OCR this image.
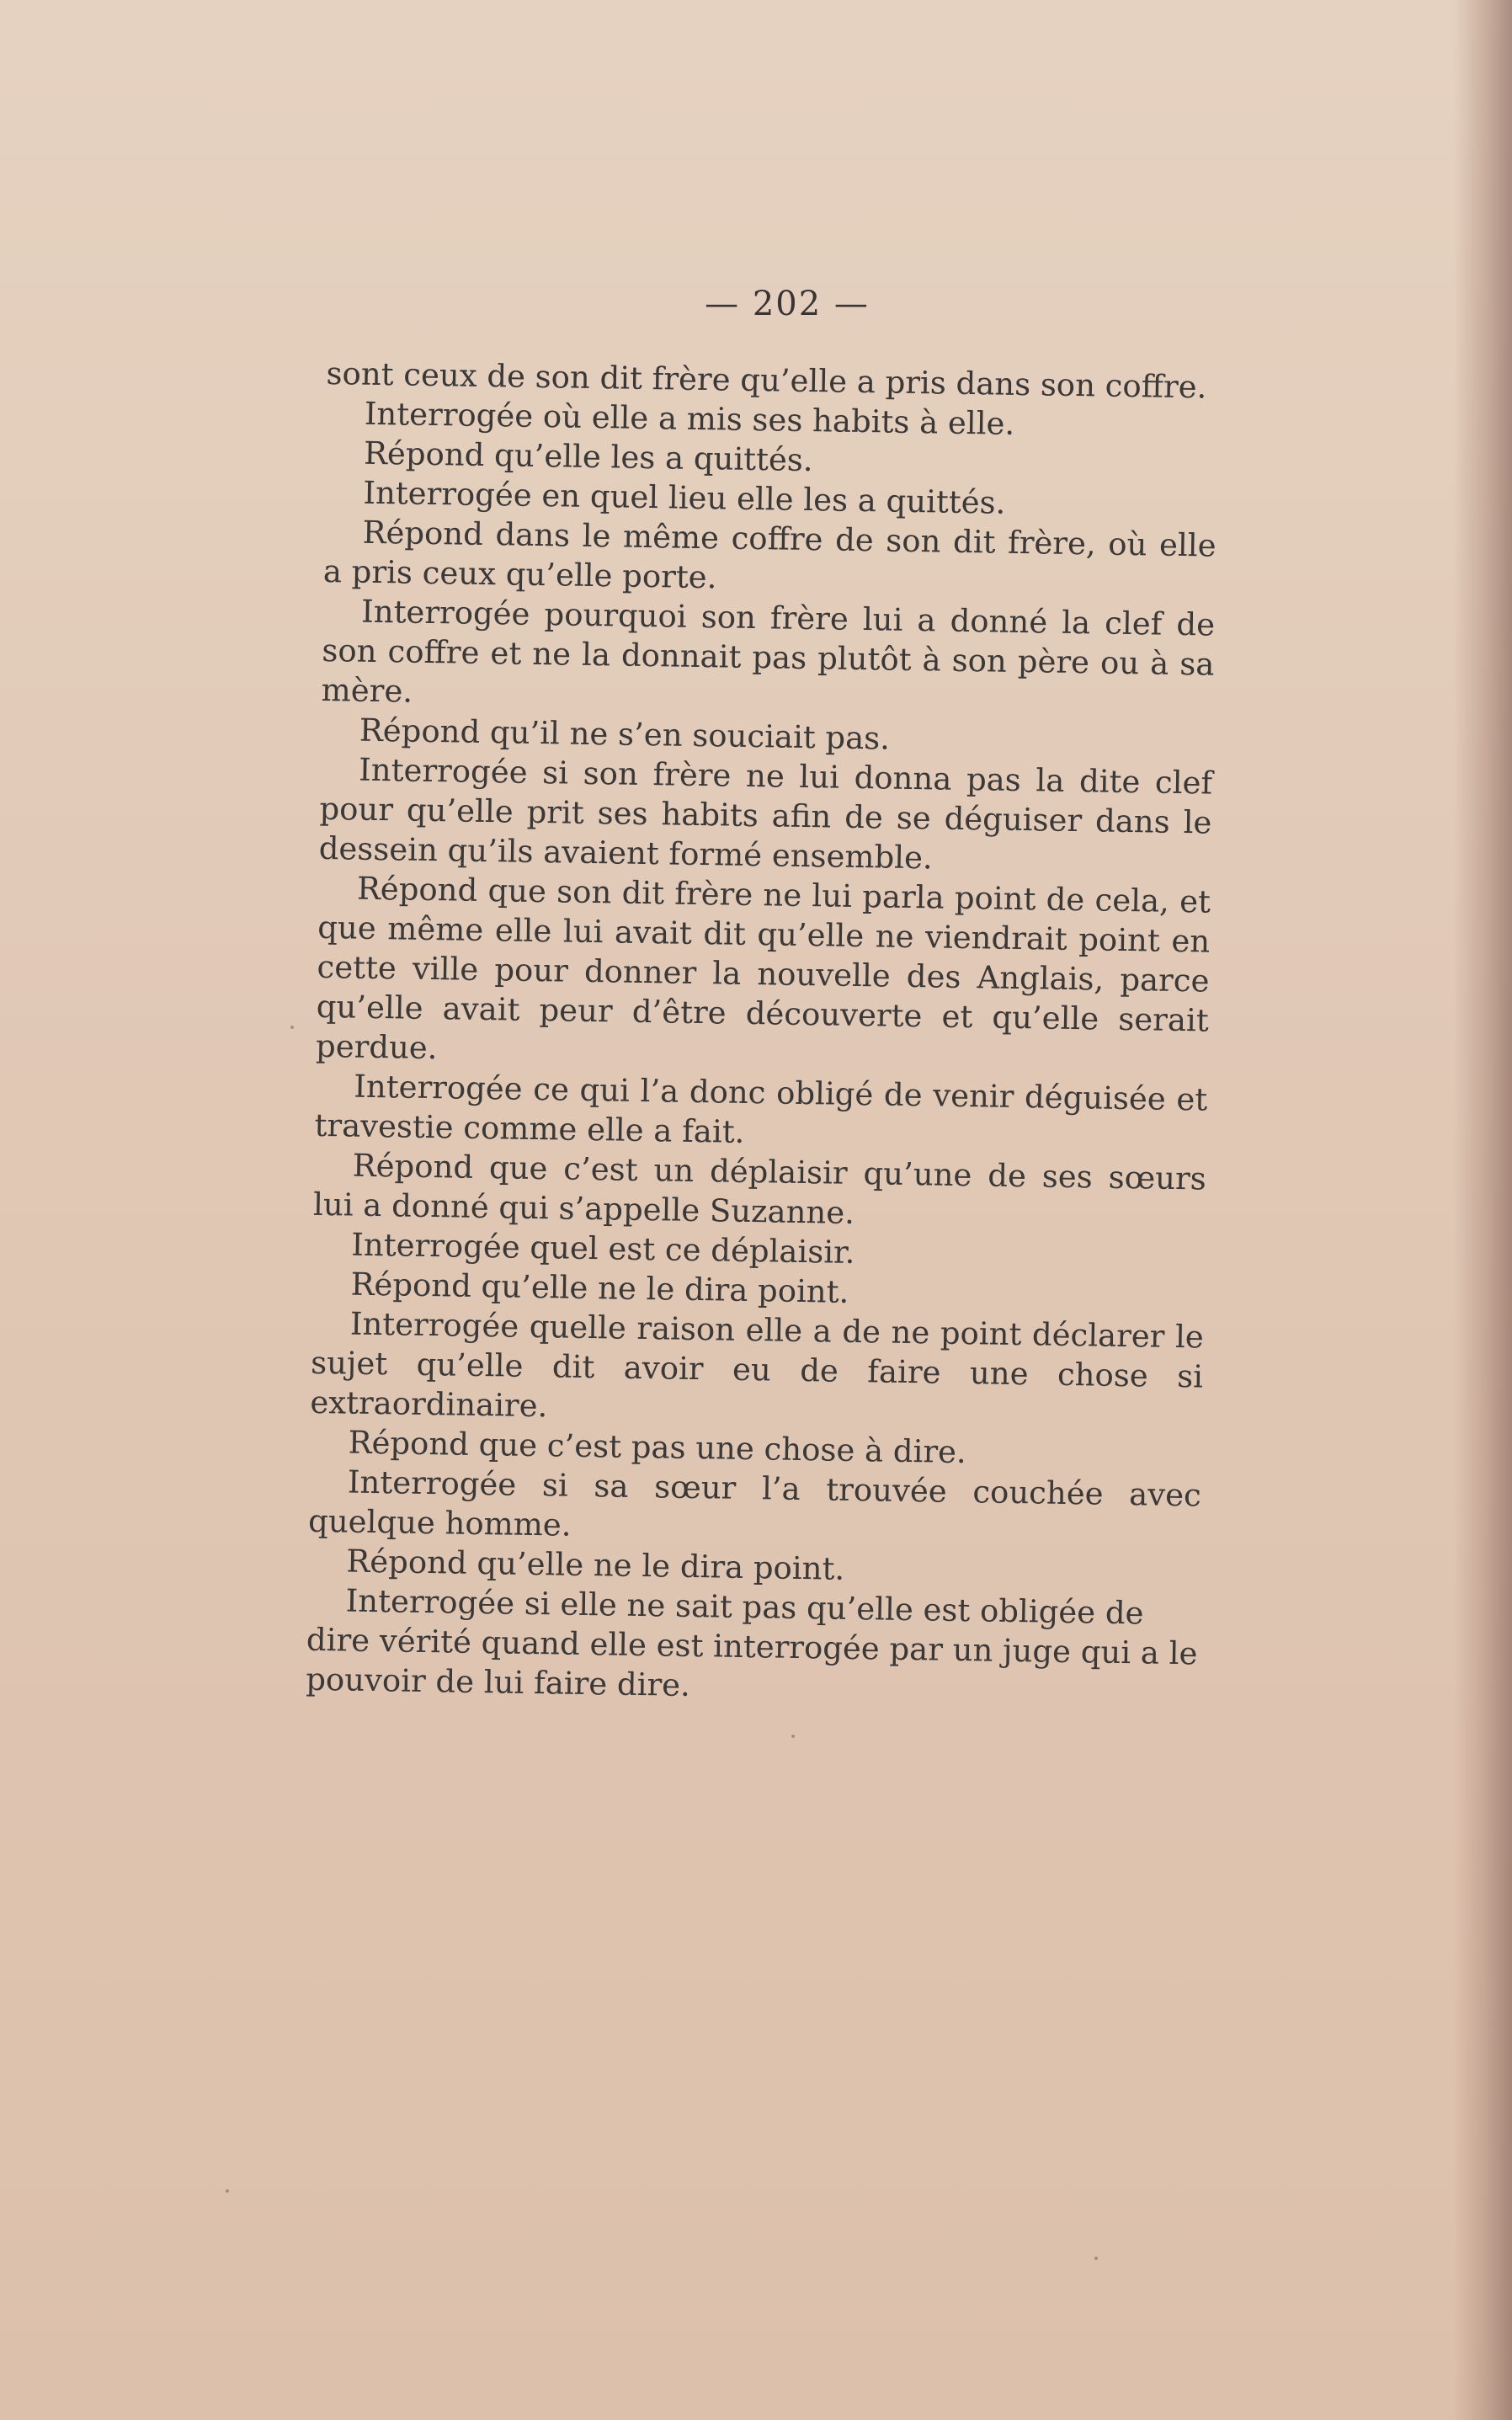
— 202 —

sont ceux de son dit frère qu’elle a pris dans son coffre.

Interrogée où elle a mis ses habits à elle.

Répond qu’elle les a quittés.

Interrogée en quel lieu elle les a quittés.

Répond dans le même coffre de son dit frère, où elle a pris ceux qu’elle porte.

Interrogée pourquoi son frère lui a donné la clef de son coffre et ne la donnait pas plutôt à son père ou à sa mère.

Répond qu’il ne s’en souciait pas.

Interrogée si son frère ne lui donna pas la dite clef pour qu’elle prit ses habits afin de se déguiser dans le dessein qu’ils avaient formé ensemble.

Répond que son dit frère ne lui parla point de cela, et que même elle lui avait dit qu’elle ne viendrait point en cette ville pour donner la nouvelle des Anglais, parce qu’elle avait peur d’être découverte et qu’elle serait perdue.

Interrogée ce qui l’a donc obligé de venir déguisée et travestie comme elle a fait.

Répond que c’est un déplaisir qu’une de ses sœurs lui a donné qui s’appelle Suzanne.

Interrogée quel est ce déplaisir.

Répond qu’elle ne le dira point.

Interrogée quelle raison elle a de ne point déclarer le sujet qu’elle dit avoir eu de faire une chose si extraordinaire.

Répond que c’est pas une chose à dire.

Interrogée si sa sœur l’a trouvée couchée avec quelque homme.

Répond qu’elle ne le dira point.

Interrogée si elle ne sait pas qu’elle est obligée de dire vérité quand elle est interrogée par un juge qui a le pouvoir de lui faire dire.
